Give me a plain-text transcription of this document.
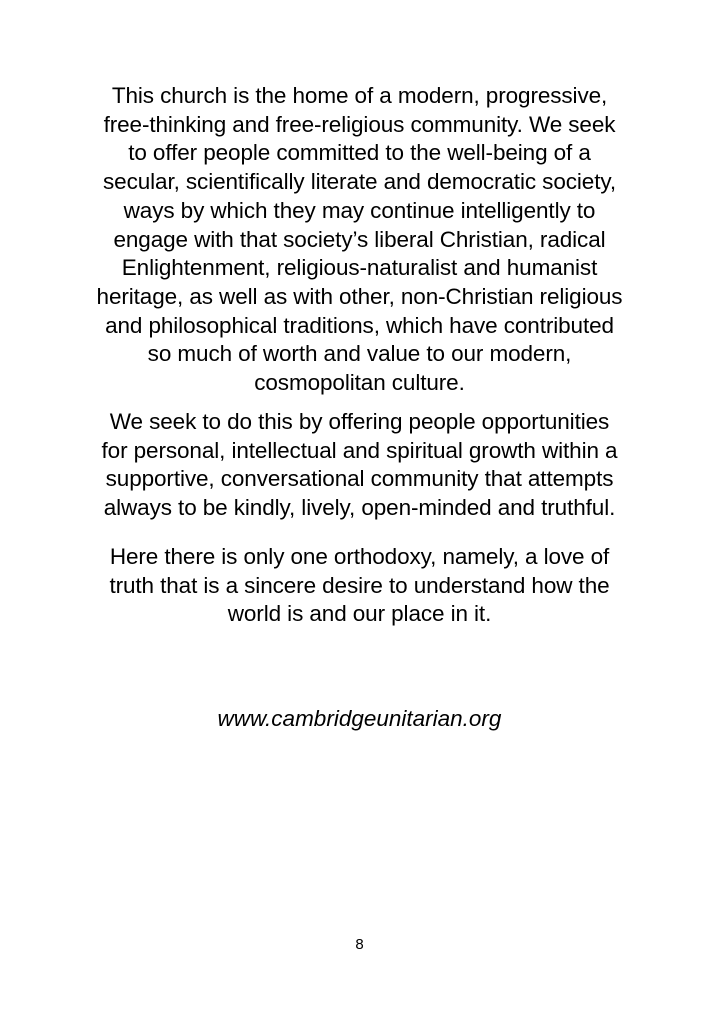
This church is the home of a modern, progressive,
free-thinking and free-religious community. We seek
to offer people committed to the well-being of a
secular, scientifically literate and democratic society,
ways by which they may continue intelligently to
engage with that society’s liberal Christian, radical
Enlightenment, religious-naturalist and humanist
heritage, as well as with other, non-Christian religious
and philosophical traditions, which have contributed
so much of worth and value to our modern,
cosmopolitan culture.
We seek to do this by offering people opportunities
for personal, intellectual and spiritual growth within a
supportive, conversational community that attempts
always to be kindly, lively, open-minded and truthful.
Here there is only one orthodoxy, namely, a love of
truth that is a sincere desire to understand how the
world is and our place in it.
www.cambridgeunitarian.org
8
